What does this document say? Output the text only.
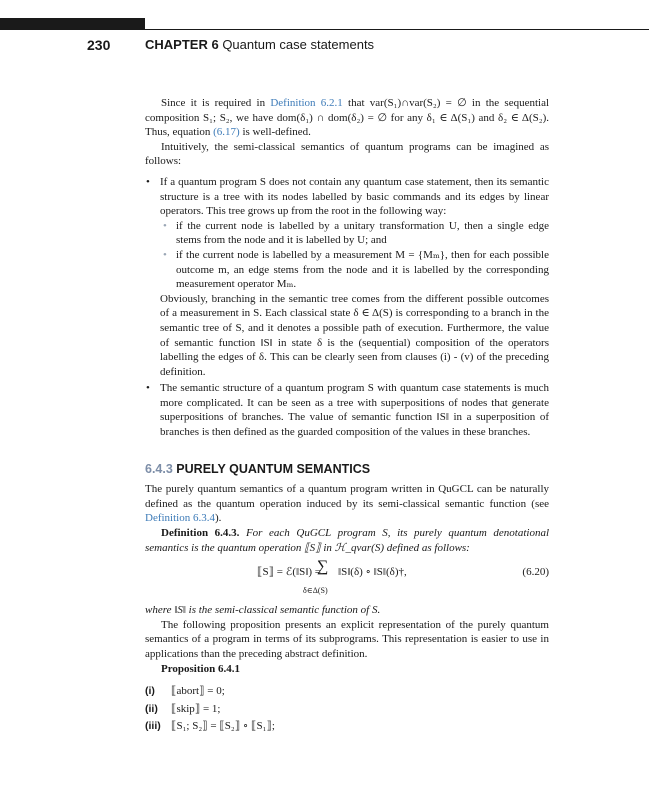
230	CHAPTER 6 Quantum case statements

Since it is required in Definition 6.2.1 that var(S₁)∩var(S₂) = ∅ in the sequential composition S₁; S₂, we have dom(δ₁) ∩ dom(δ₂) = ∅ for any δ₁ ∈ Δ(S₁) and δ₂ ∈ Δ(S₂). Thus, equation (6.17) is well-defined.

Intuitively, the semi-classical semantics of quantum programs can be imagined as follows:

• If a quantum program S does not contain any quantum case statement, then its semantic structure is a tree with its nodes labelled by basic commands and its edges by linear operators. This tree grows up from the root in the following way:
• if the current node is labelled by a unitary transformation U, then a single edge stems from the node and it is labelled by U; and
• if the current node is labelled by a measurement M = {Mₘ}, then for each possible outcome m, an edge stems from the node and it is labelled by the corresponding measurement operator Mₘ.
Obviously, branching in the semantic tree comes from the different possible outcomes of a measurement in S. Each classical state δ ∈ Δ(S) is corresponding to a branch in the semantic tree of S, and it denotes a possible path of execution. Furthermore, the value of semantic function ‖S‖ in state δ is the (sequential) composition of the operators labelling the edges of δ. This can be clearly seen from clauses (i) - (v) of the preceding definition.
• The semantic structure of a quantum program S with quantum case statements is much more complicated. It can be seen as a tree with superpositions of nodes that generate superpositions of branches. The value of semantic function ‖S‖ in a superposition of branches is then defined as the guarded composition of the values in these branches.
6.4.3 PURELY QUANTUM SEMANTICS

The purely quantum semantics of a quantum program written in QuGCL can be naturally defined as the quantum operation induced by its semi-classical semantic function (see Definition 6.3.4).

Definition 6.4.3. For each QuGCL program S, its purely quantum denotational semantics is the quantum operation ⟦S⟧ in ℋ_qvar(S) defined as follows:

⟦S⟧ = ℰ(‖S‖) =
∑ ‖S‖(δ) ∘ ‖S‖(δ)†,
δ∈Δ(S)
(6.20)

where ‖S‖ is the semi-classical semantic function of S.

The following proposition presents an explicit representation of the purely quantum semantics of a program in terms of its subprograms. This representation is easier to use in applications than the preceding abstract definition.

Proposition 6.4.1

(i) ⟦abort⟧ = 0;
(ii) ⟦skip⟧ = 1;
(iii) ⟦S₁; S₂⟧ = ⟦S₂⟧ ∘ ⟦S₁⟧;
